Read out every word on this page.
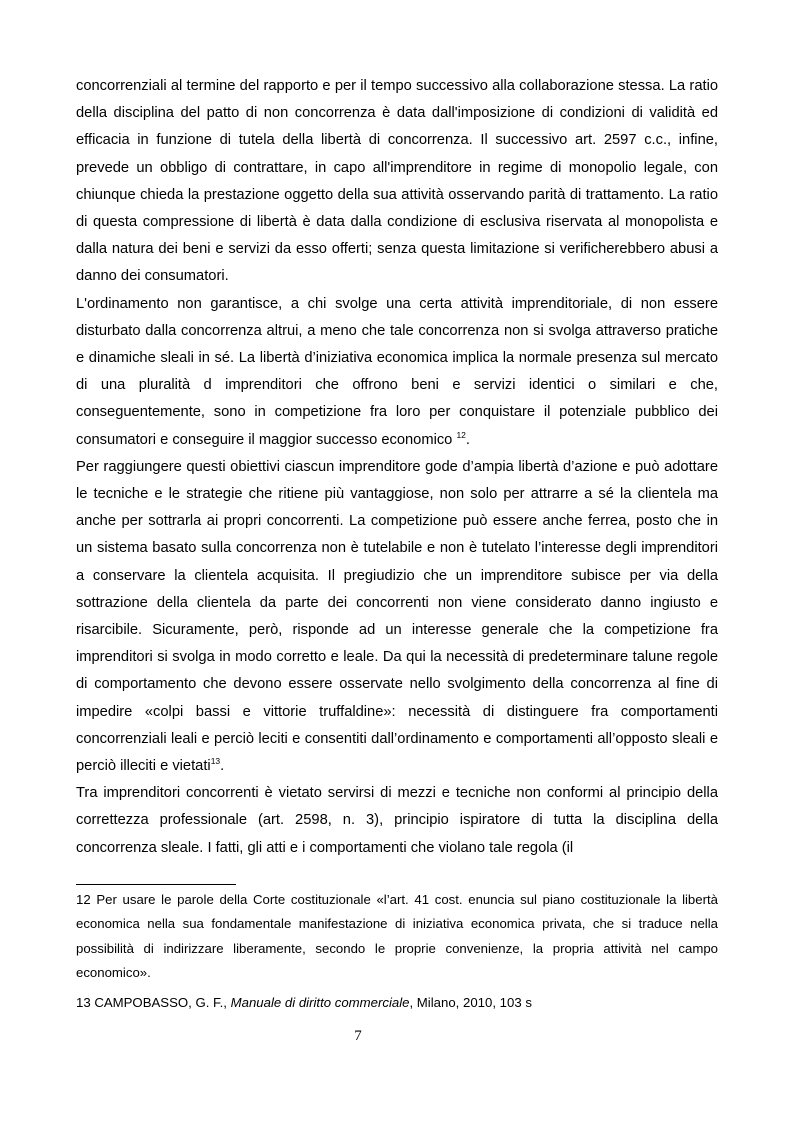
concorrenziali al termine del rapporto e per il tempo successivo alla collaborazione stessa. La ratio della disciplina del patto di non concorrenza è data dall'imposizione di condizioni di validità ed efficacia in funzione di tutela della libertà di concorrenza. Il successivo art. 2597 c.c., infine, prevede un obbligo di contrattare, in capo all'imprenditore in regime di monopolio legale, con chiunque chieda la prestazione oggetto della sua attività osservando parità di trattamento. La ratio di questa compressione di libertà è data dalla condizione di esclusiva riservata al monopolista e dalla natura dei beni e servizi da esso offerti; senza questa limitazione si verificherebbero abusi a danno dei consumatori.

L'ordinamento non garantisce, a chi svolge una certa attività imprenditoriale, di non essere disturbato dalla concorrenza altrui, a meno che tale concorrenza non si svolga attraverso pratiche e dinamiche sleali in sé. La libertà d’iniziativa economica implica la normale presenza sul mercato di una pluralità d imprenditori che offrono beni e servizi identici o similari e che, conseguentemente, sono in competizione fra loro per conquistare il potenziale pubblico dei consumatori e conseguire il maggior successo economico $^{12}$.

Per raggiungere questi obiettivi ciascun imprenditore gode d’ampia libertà d’azione e può adottare le tecniche e le strategie che ritiene più vantaggiose, non solo per attrarre a sé la clientela ma anche per sottrarla ai propri concorrenti. La competizione può essere anche ferrea, posto che in un sistema basato sulla concorrenza non è tutelabile e non è tutelato l’interesse degli imprenditori a conservare la clientela acquisita. Il pregiudizio che un imprenditore subisce per via della sottrazione della clientela da parte dei concorrenti non viene considerato danno ingiusto e risarcibile. Sicuramente, però, risponde ad un interesse generale che la competizione fra imprenditori si svolga in modo corretto e leale. Da qui la necessità di predeterminare talune regole di comportamento che devono essere osservate nello svolgimento della concorrenza al fine di impedire «colpi bassi e vittorie truffaldine»: necessità di distinguere fra comportamenti concorrenziali leali e perciò leciti e consentiti dall’ordinamento e comportamenti all’opposto sleali e perciò illeciti e vietati$^{13}$.

Tra imprenditori concorrenti è vietato servirsi di mezzi e tecniche non conformi al principio della correttezza professionale (art. 2598, n. 3), principio ispiratore di tutta la disciplina della concorrenza sleale. I fatti, gli atti e i comportamenti che violano tale regola (il

12 Per usare le parole della Corte costituzionale «l’art. 41 cost. enuncia sul piano costituzionale la libertà economica nella sua fondamentale manifestazione di iniziativa economica privata, che si traduce nella possibilità di indirizzare liberamente, secondo le proprie convenienze, la propria attività nel campo economico».

13 CAMPOBASSO, G. F., Manuale di diritto commerciale, Milano, 2010, 103 s

7
